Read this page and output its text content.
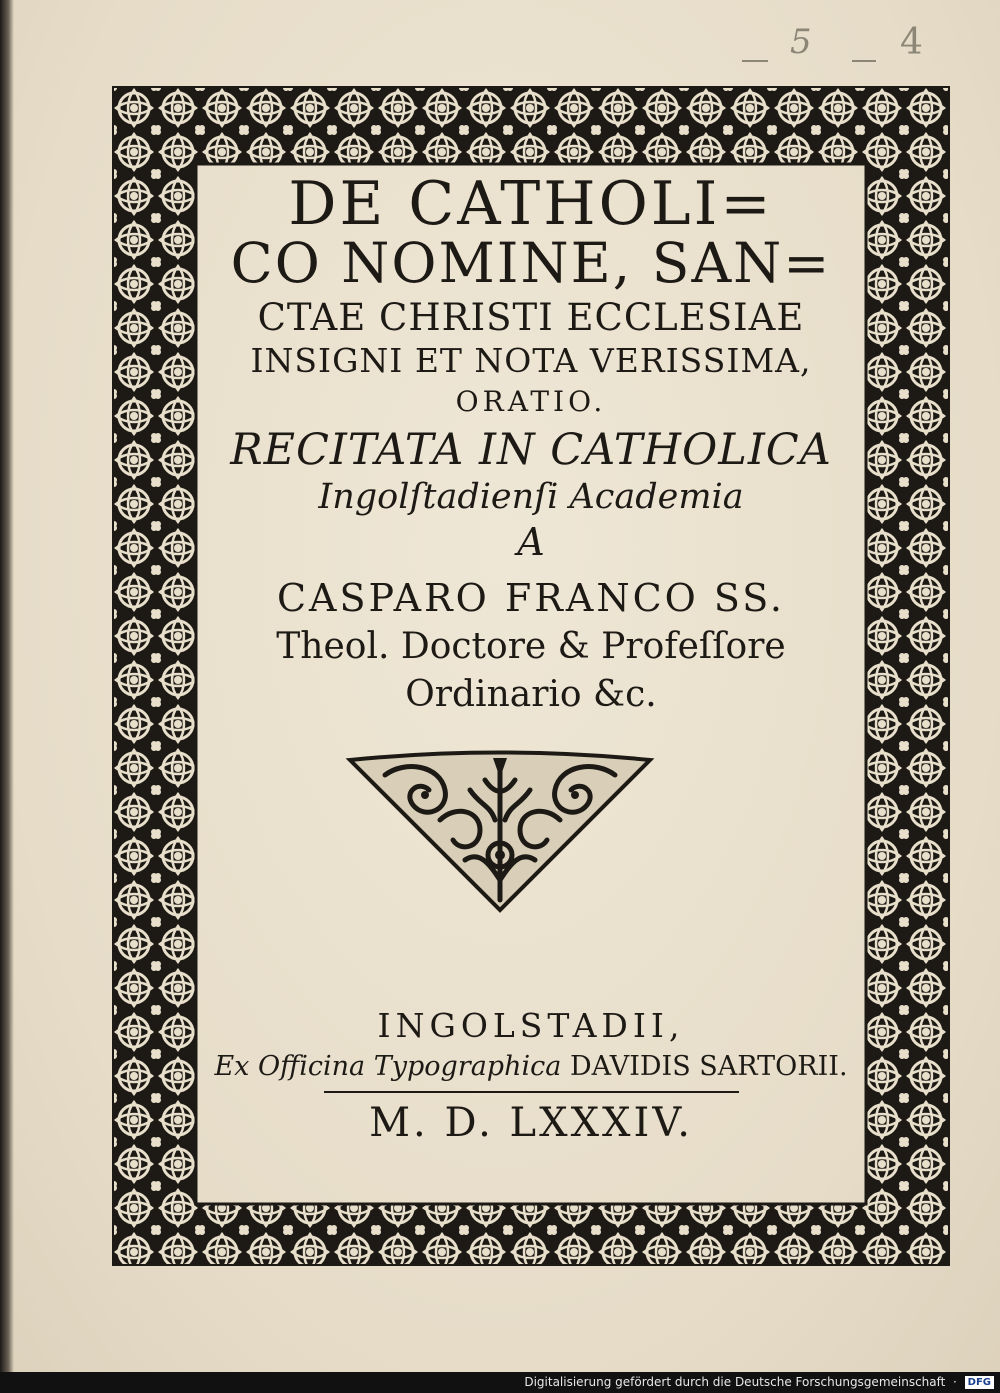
5 4
DE CATHOLI=
CO NOMINE, SAN=
CTAE CHRISTI ECCLESIAE
INSIGNI ET NOTA VERISSIMA,
ORATIO.
RECITATA IN CATHOLICA
Ingolſtadienſi Academia
A
CASPARO FRANCO SS.
Theol. Doctore & Profeſſore
Ordinario &c.
INGOLSTADII,
Ex Officina Typographica DAVIDIS SARTORII.
M. D. LXXXIV.
Digitalisierung gefördert durch die Deutsche Forschungsgemeinschaft  · DFG
